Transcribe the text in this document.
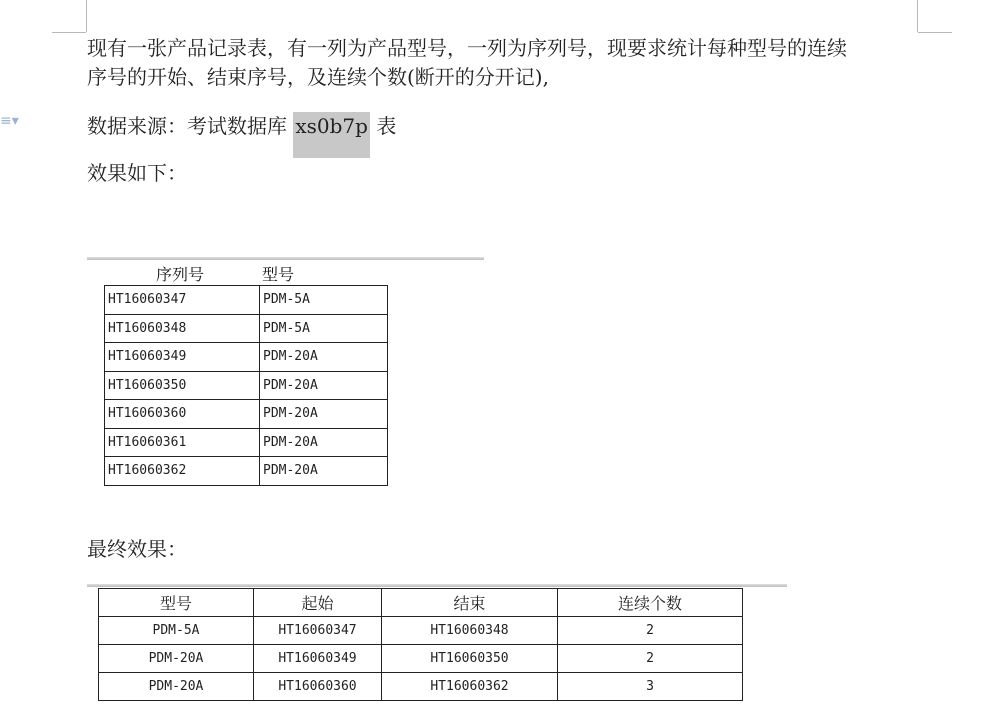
≡▾
现有一张产品记录表，有一列为产品型号，一列为序列号，现要求统计每种型号的连续
序号的开始、结束序号，及连续个数(断开的分开记),
数据来源：考试数据库 xs0b7p 表
效果如下：
序列号	型号
HT16060347	PDM-5A
HT16060348	PDM-5A
HT16060349	PDM-20A
HT16060350	PDM-20A
HT16060360	PDM-20A
HT16060361	PDM-20A
HT16060362	PDM-20A
最终效果：
型号	起始	结束	连续个数
PDM-5A	HT16060347	HT16060348	2
PDM-20A	HT16060349	HT16060350	2
PDM-20A	HT16060360	HT16060362	3
